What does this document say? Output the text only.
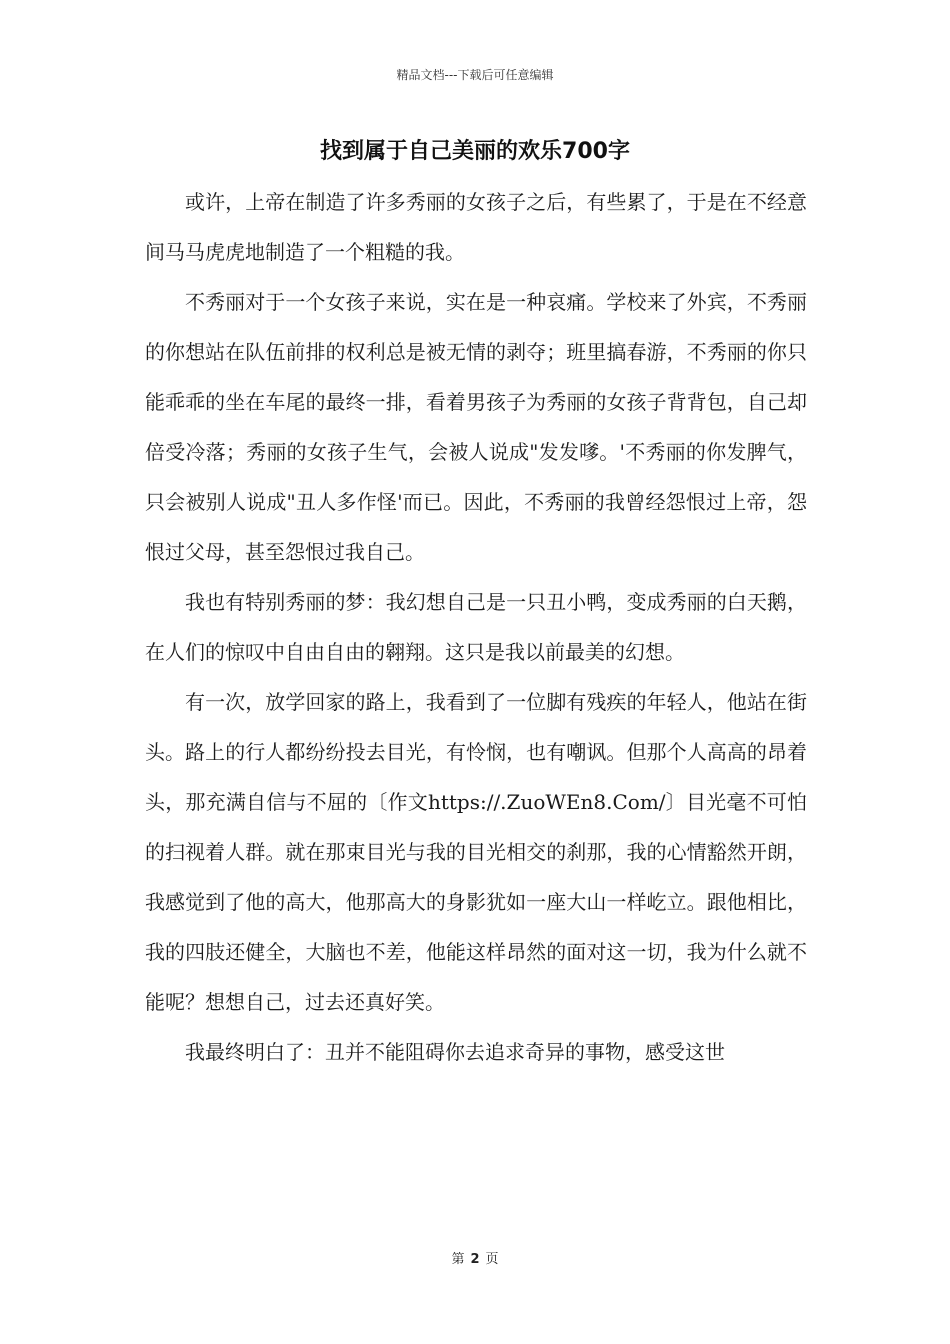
精品文档---下载后可任意编辑
找到属于自己美丽的欢乐700字

或许，上帝在制造了许多秀丽的女孩子之后，有些累了，于是在不经意间马马虎虎地制造了一个粗糙的我。

不秀丽对于一个女孩子来说，实在是一种哀痛。学校来了外宾，不秀丽的你想站在队伍前排的权利总是被无情的剥夺；班里搞春游，不秀丽的你只能乖乖的坐在车尾的最终一排，看着男孩子为秀丽的女孩子背背包，自己却倍受冷落；秀丽的女孩子生气，会被人说成"发发嗲。'不秀丽的你发脾气，只会被别人说成"丑人多作怪'而已。因此，不秀丽的我曾经怨恨过上帝，怨恨过父母，甚至怨恨过我自己。

我也有特别秀丽的梦：我幻想自己是一只丑小鸭，变成秀丽的白天鹅，在人们的惊叹中自由自由的翱翔。这只是我以前最美的幻想。

有一次，放学回家的路上，我看到了一位脚有残疾的年轻人，他站在街头。路上的行人都纷纷投去目光，有怜悯，也有嘲讽。但那个人高高的昂着头，那充满自信与不屈的〔作文https://.ZuoWEn8.Com/〕目光毫不可怕的扫视着人群。就在那束目光与我的目光相交的刹那，我的心情豁然开朗，我感觉到了他的高大，他那高大的身影犹如一座大山一样屹立。跟他相比，我的四肢还健全，大脑也不差，他能这样昂然的面对这一切，我为什么就不能呢？想想自己，过去还真好笑。

我最终明白了：丑并不能阻碍你去追求奇异的事物，感受这世

第 2 页
